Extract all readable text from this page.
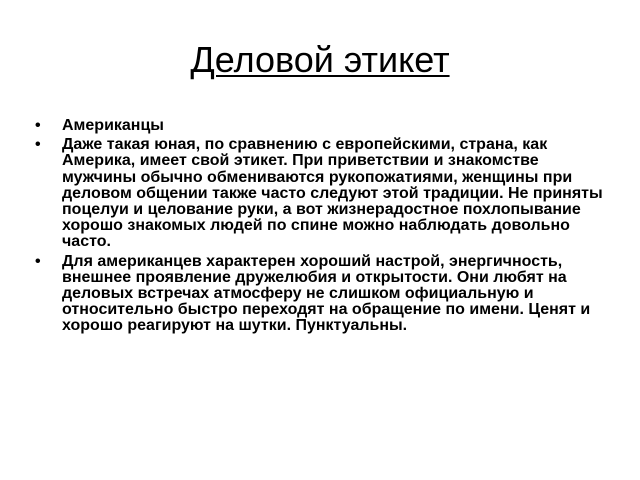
Деловой этикет
• Американцы
• Даже такая юная, по сравнению с европейскими, страна, как Америка, имеет свой этикет. При приветствии и знакомстве мужчины обычно обмениваются рукопожатиями, женщины при деловом общении также часто следуют этой традиции. Не приняты поцелуи и целование руки, а вот жизнерадостное похлопывание хорошо знакомых людей по спине можно наблюдать довольно часто.
• Для американцев характерен хороший настрой, энергичность, внешнее проявление дружелюбия и открытости. Они любят на деловых встречах атмосферу не слишком официальную и относительно быстро переходят на обращение по имени. Ценят и хорошо реагируют на шутки. Пунктуальны.
